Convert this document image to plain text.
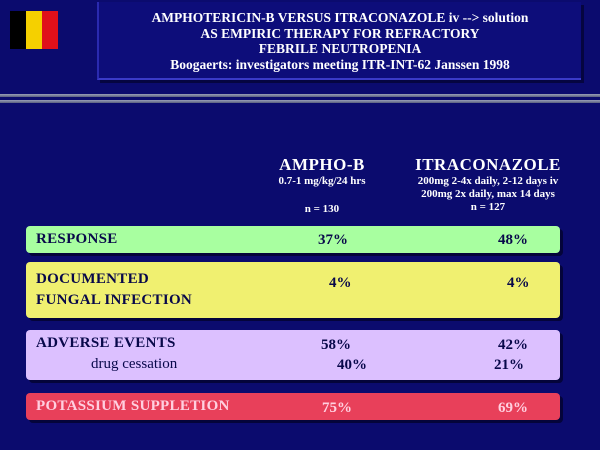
AMPHOTERICIN-B VERSUS ITRACONAZOLE iv --> solution
AS EMPIRIC THERAPY FOR REFRACTORY
FEBRILE NEUTROPENIA
Boogaerts: investigators meeting ITR-INT-62 Janssen 1998
AMPHO-B
0.7-1 mg/kg/24 hrs
n = 130
ITRACONAZOLE
200mg 2-4x daily, 2-12 days iv
200mg 2x daily, max 14 days
n = 127
RESPONSE	37%	48%
DOCUMENTED
FUNGAL INFECTION
4%	4%
ADVERSE EVENTS	58%	42%
drug cessation	40%	21%
POTASSIUM SUPPLETION	75%	69%
